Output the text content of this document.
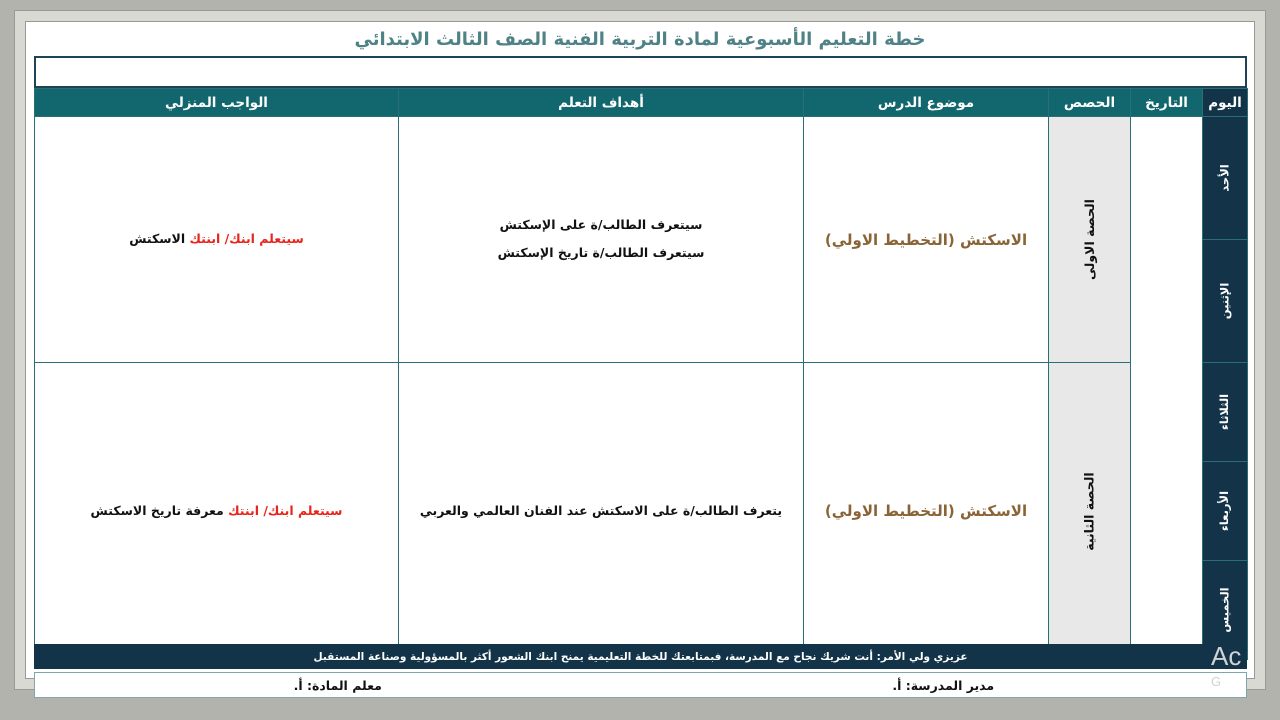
خطة التعليم الأسبوعية لمادة التربية الفنية الصف الثالث الابتدائي
اليوم	التاريخ	الحصص	موضوع الدرس	أهداف التعلم	الواجب المنزلي

الأحد		الحصة الاولى	الاسكتش (التخطيط الاولي)	سيتعرف الطالب/ة على الإسكتش
سيتعرف الطالب/ة تاريخ الإسكتش	سيتعلم ابنك/ ابنتك الاسكتش

الإثنين					

الثلاثاء		الحصة الثانية	الاسكتش (التخطيط الاولي)	يتعرف الطالب/ة على الاسكتش عند الفنان العالمي والعربي	سيتعلم ابنك/ ابنتك معرفة تاريخ الاسكتش

الأربعاء					

الخميس					
عزيزي ولي الأمر: أنت شريك نجاح مع المدرسة، فبمتابعتك للخطة التعليمية يمنح ابنك الشعور أكثر بالمسؤولية وصناعة المستقبل
مدير المدرسة: أ.
معلم المادة: أ.
Ac
G
